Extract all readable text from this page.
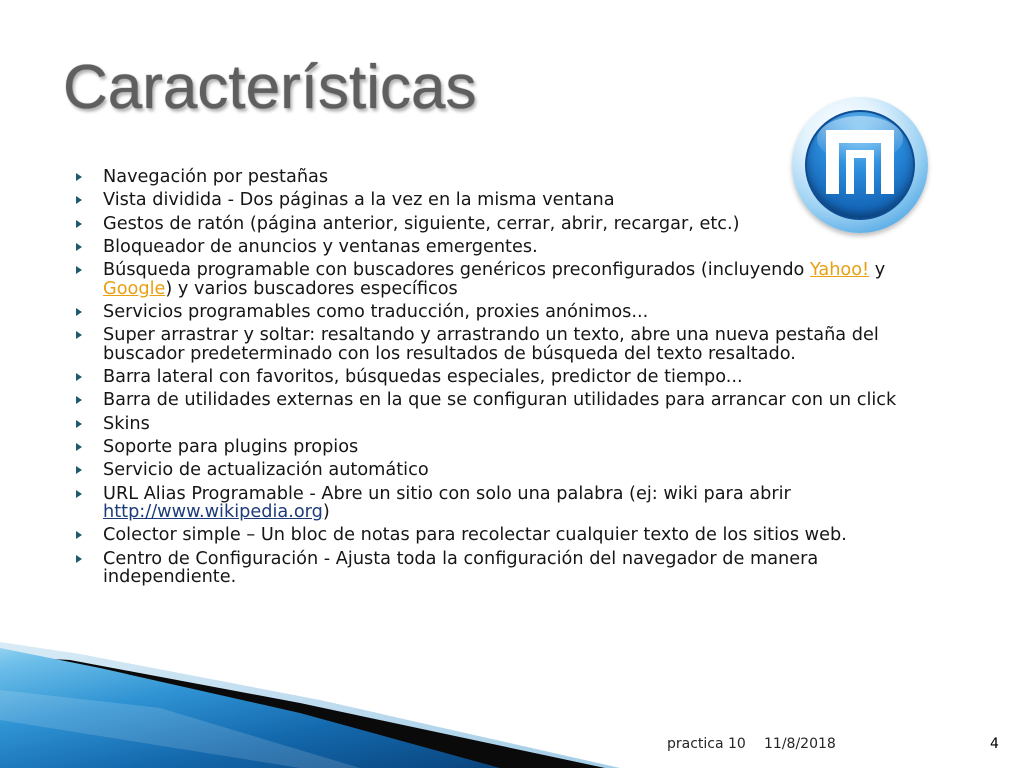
Características
Navegación por pestañas
Vista dividida - Dos páginas a la vez en la misma ventana
Gestos de ratón (página anterior, siguiente, cerrar, abrir, recargar, etc.)
Bloqueador de anuncios y ventanas emergentes.
Búsqueda programable con buscadores genéricos preconfigurados (incluyendo Yahoo! y Google) y varios buscadores específicos
Servicios programables como traducción, proxies anónimos...
Super arrastrar y soltar: resaltando y arrastrando un texto, abre una nueva pestaña del buscador predeterminado con los resultados de búsqueda del texto resaltado.
Barra lateral con favoritos, búsquedas especiales, predictor de tiempo...
Barra de utilidades externas en la que se configuran utilidades para arrancar con un click
Skins
Soporte para plugins propios
Servicio de actualización automático
URL Alias Programable - Abre un sitio con solo una palabra (ej: wiki para abrir http://www.wikipedia.org)
Colector simple – Un bloc de notas para recolectar cualquier texto de los sitios web.
Centro de Configuración - Ajusta toda la configuración del navegador de manera independiente.
practica 10 11/8/2018	4
